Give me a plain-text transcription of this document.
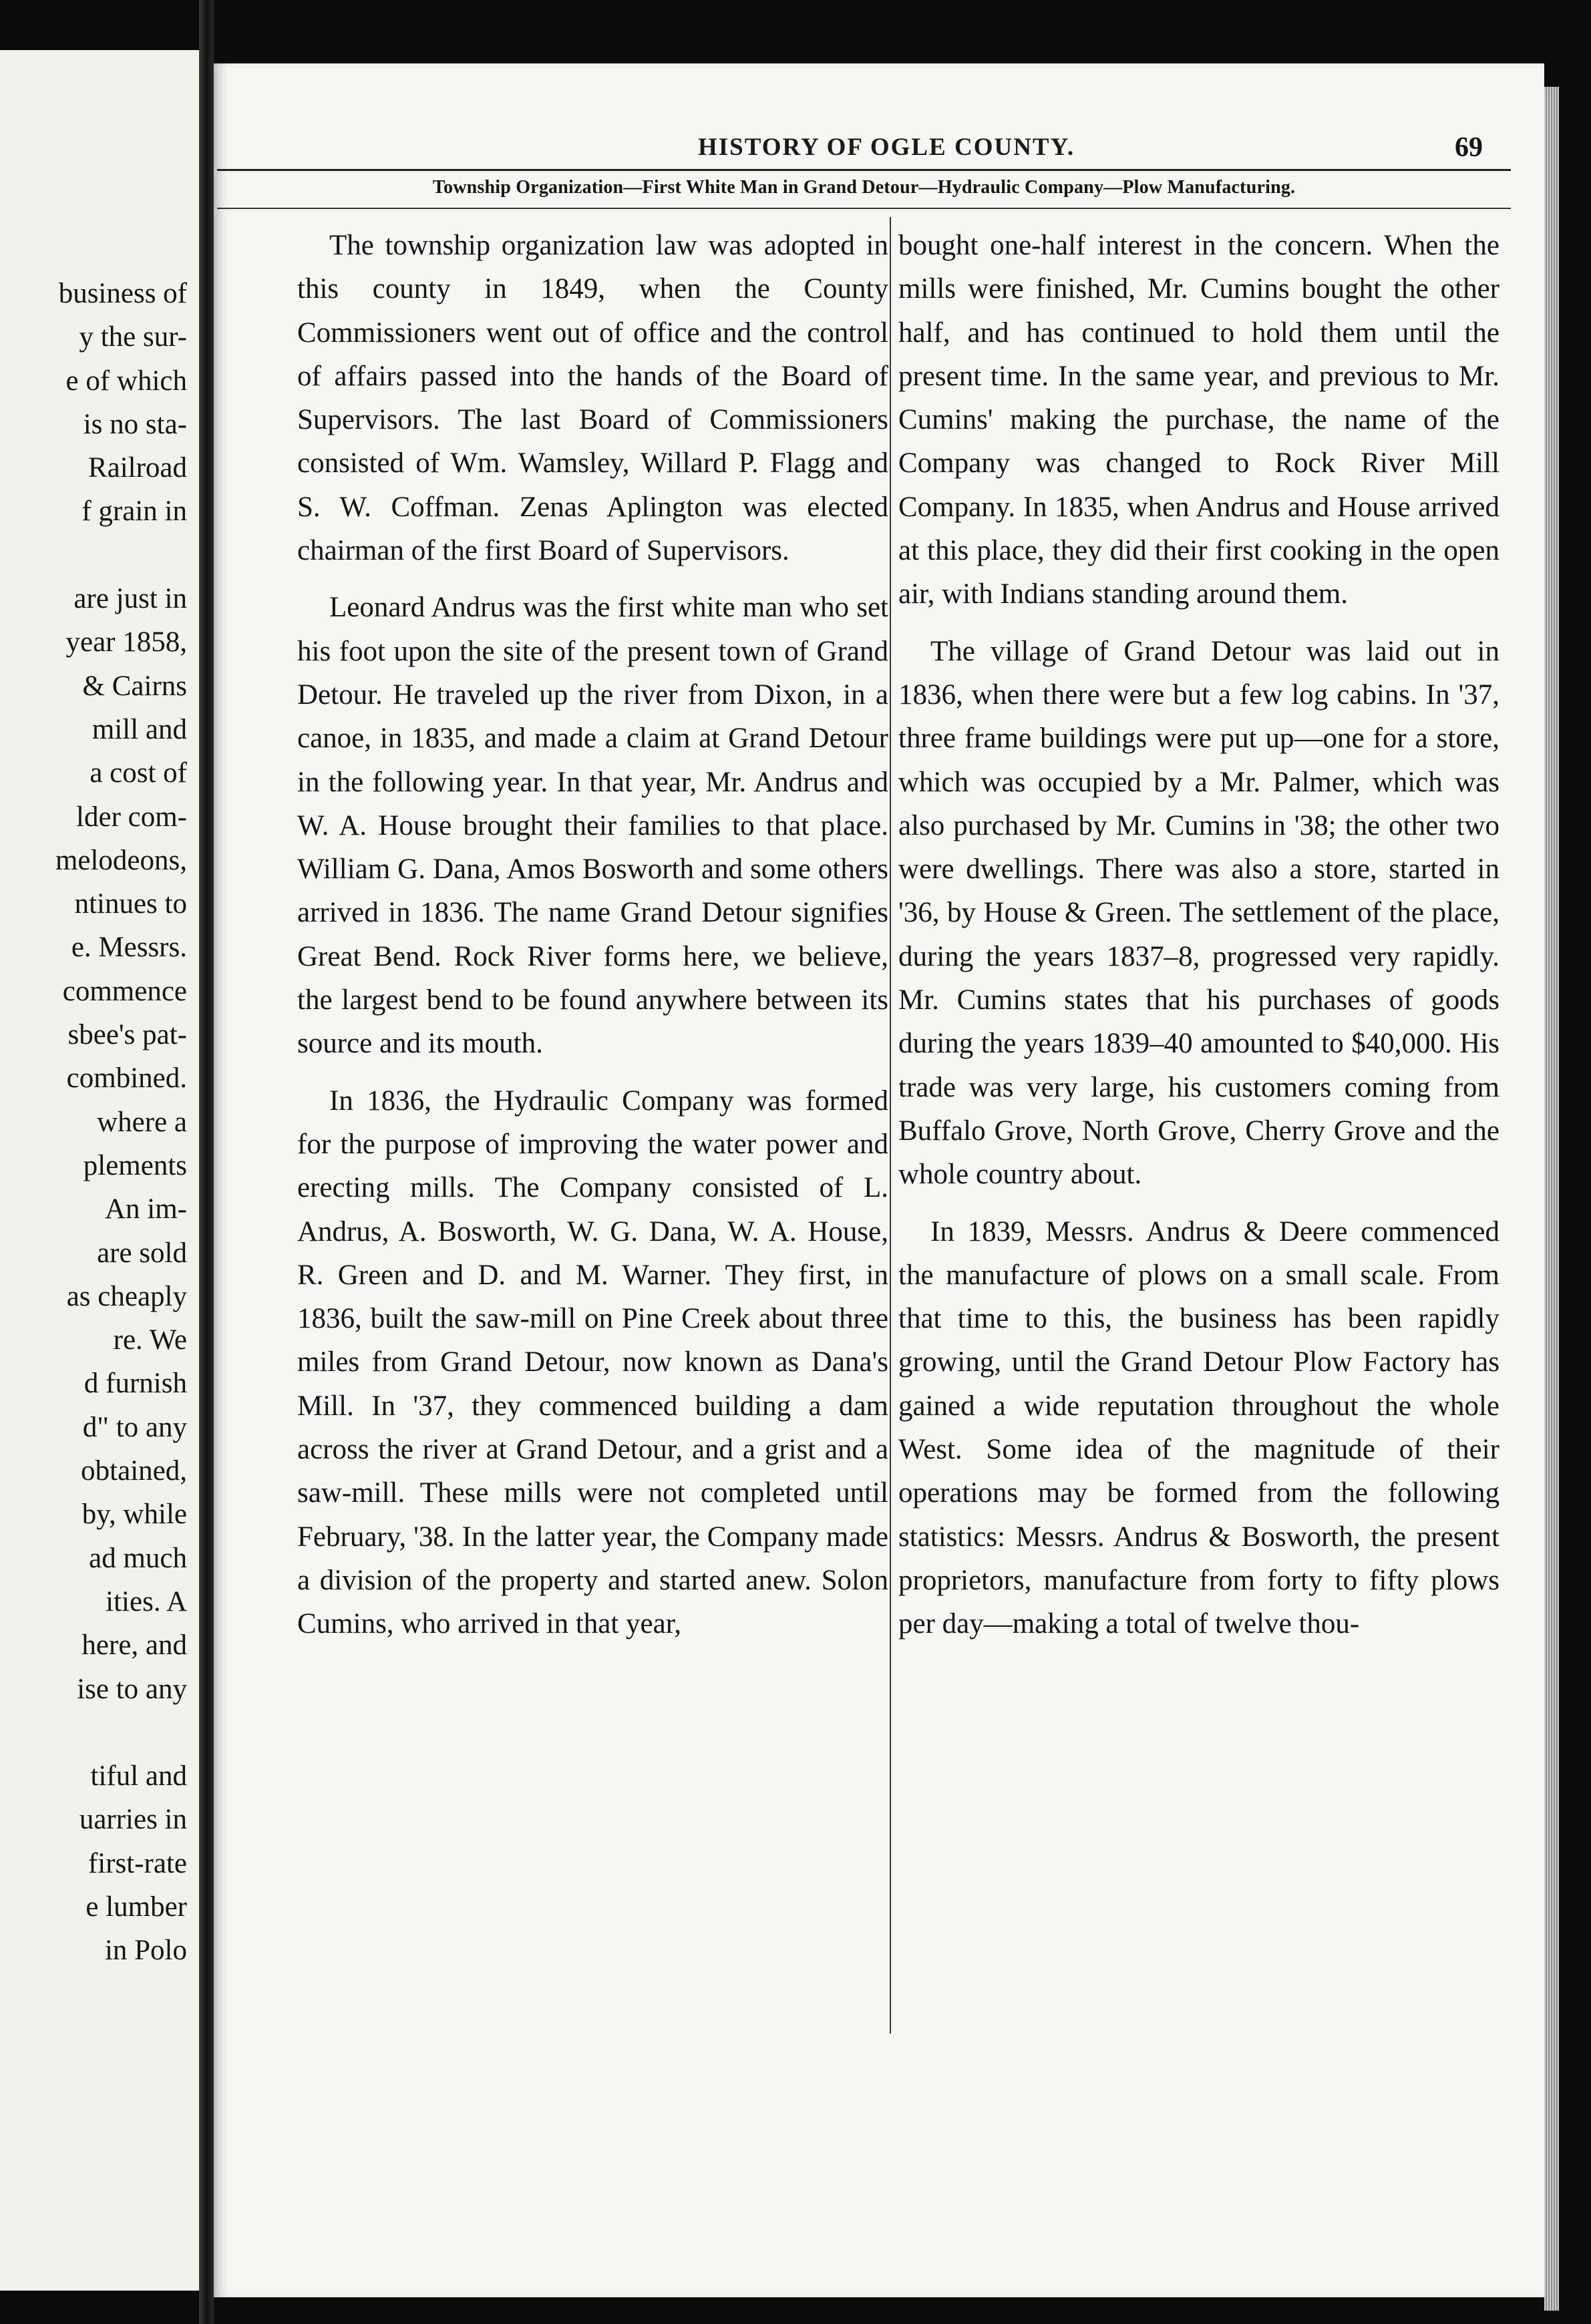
business of
y the sur-
e of which
is no sta-
Railroad
f grain in
are just in
year 1858,
& Cairns
mill and
a cost of
lder com-
melodeons,
ntinues to
e. Messrs.
commence
sbee's pat-
combined.
where a
plements
An im-
are sold
as cheaply
re. We
d furnish
d" to any
obtained,
by, while
ad much
ities. A
here, and
ise to any
tiful and
uarries in
first-rate
e lumber
in Polo
HISTORY OF OGLE COUNTY.	69
Township Organization—First White Man in Grand Detour—Hydraulic Company—Plow Manufacturing.

The township organization law was adopted in this county in 1849, when the County Commissioners went out of office and the control of affairs passed into the hands of the Board of Supervisors. The last Board of Commissioners consisted of Wm. Wamsley, Willard P. Flagg and S. W. Coffman. Zenas Aplington was elected chairman of the first Board of Supervisors.

Leonard Andrus was the first white man who set his foot upon the site of the present town of Grand Detour. He traveled up the river from Dixon, in a canoe, in 1835, and made a claim at Grand Detour in the following year. In that year, Mr. Andrus and W. A. House brought their families to that place. William G. Dana, Amos Bosworth and some others arrived in 1836. The name Grand Detour signifies Great Bend. Rock River forms here, we believe, the largest bend to be found anywhere between its source and its mouth.

In 1836, the Hydraulic Company was formed for the purpose of improving the water power and erecting mills. The Company consisted of L. Andrus, A. Bosworth, W. G. Dana, W. A. House, R. Green and D. and M. Warner. They first, in 1836, built the saw-mill on Pine Creek about three miles from Grand Detour, now known as Dana's Mill. In '37, they commenced building a dam across the river at Grand Detour, and a grist and a saw-mill. These mills were not completed until February, '38. In the latter year, the Company made a division of the property and started anew. Solon Cumins, who arrived in that year,

bought one-half interest in the concern. When the mills were finished, Mr. Cumins bought the other half, and has continued to hold them until the present time. In the same year, and previous to Mr. Cumins' making the purchase, the name of the Company was changed to Rock River Mill Company. In 1835, when Andrus and House arrived at this place, they did their first cooking in the open air, with Indians standing around them.

The village of Grand Detour was laid out in 1836, when there were but a few log cabins. In '37, three frame buildings were put up—one for a store, which was occupied by a Mr. Palmer, which was also purchased by Mr. Cumins in '38; the other two were dwellings. There was also a store, started in '36, by House & Green. The settlement of the place, during the years 1837–8, progressed very rapidly. Mr. Cumins states that his purchases of goods during the years 1839–40 amounted to $40,000. His trade was very large, his customers coming from Buffalo Grove, North Grove, Cherry Grove and the whole country about.

In 1839, Messrs. Andrus & Deere commenced the manufacture of plows on a small scale. From that time to this, the business has been rapidly growing, until the Grand Detour Plow Factory has gained a wide reputation throughout the whole West. Some idea of the magnitude of their operations may be formed from the following statistics: Messrs. Andrus & Bosworth, the present proprietors, manufacture from forty to fifty plows per day—making a total of twelve thou-
